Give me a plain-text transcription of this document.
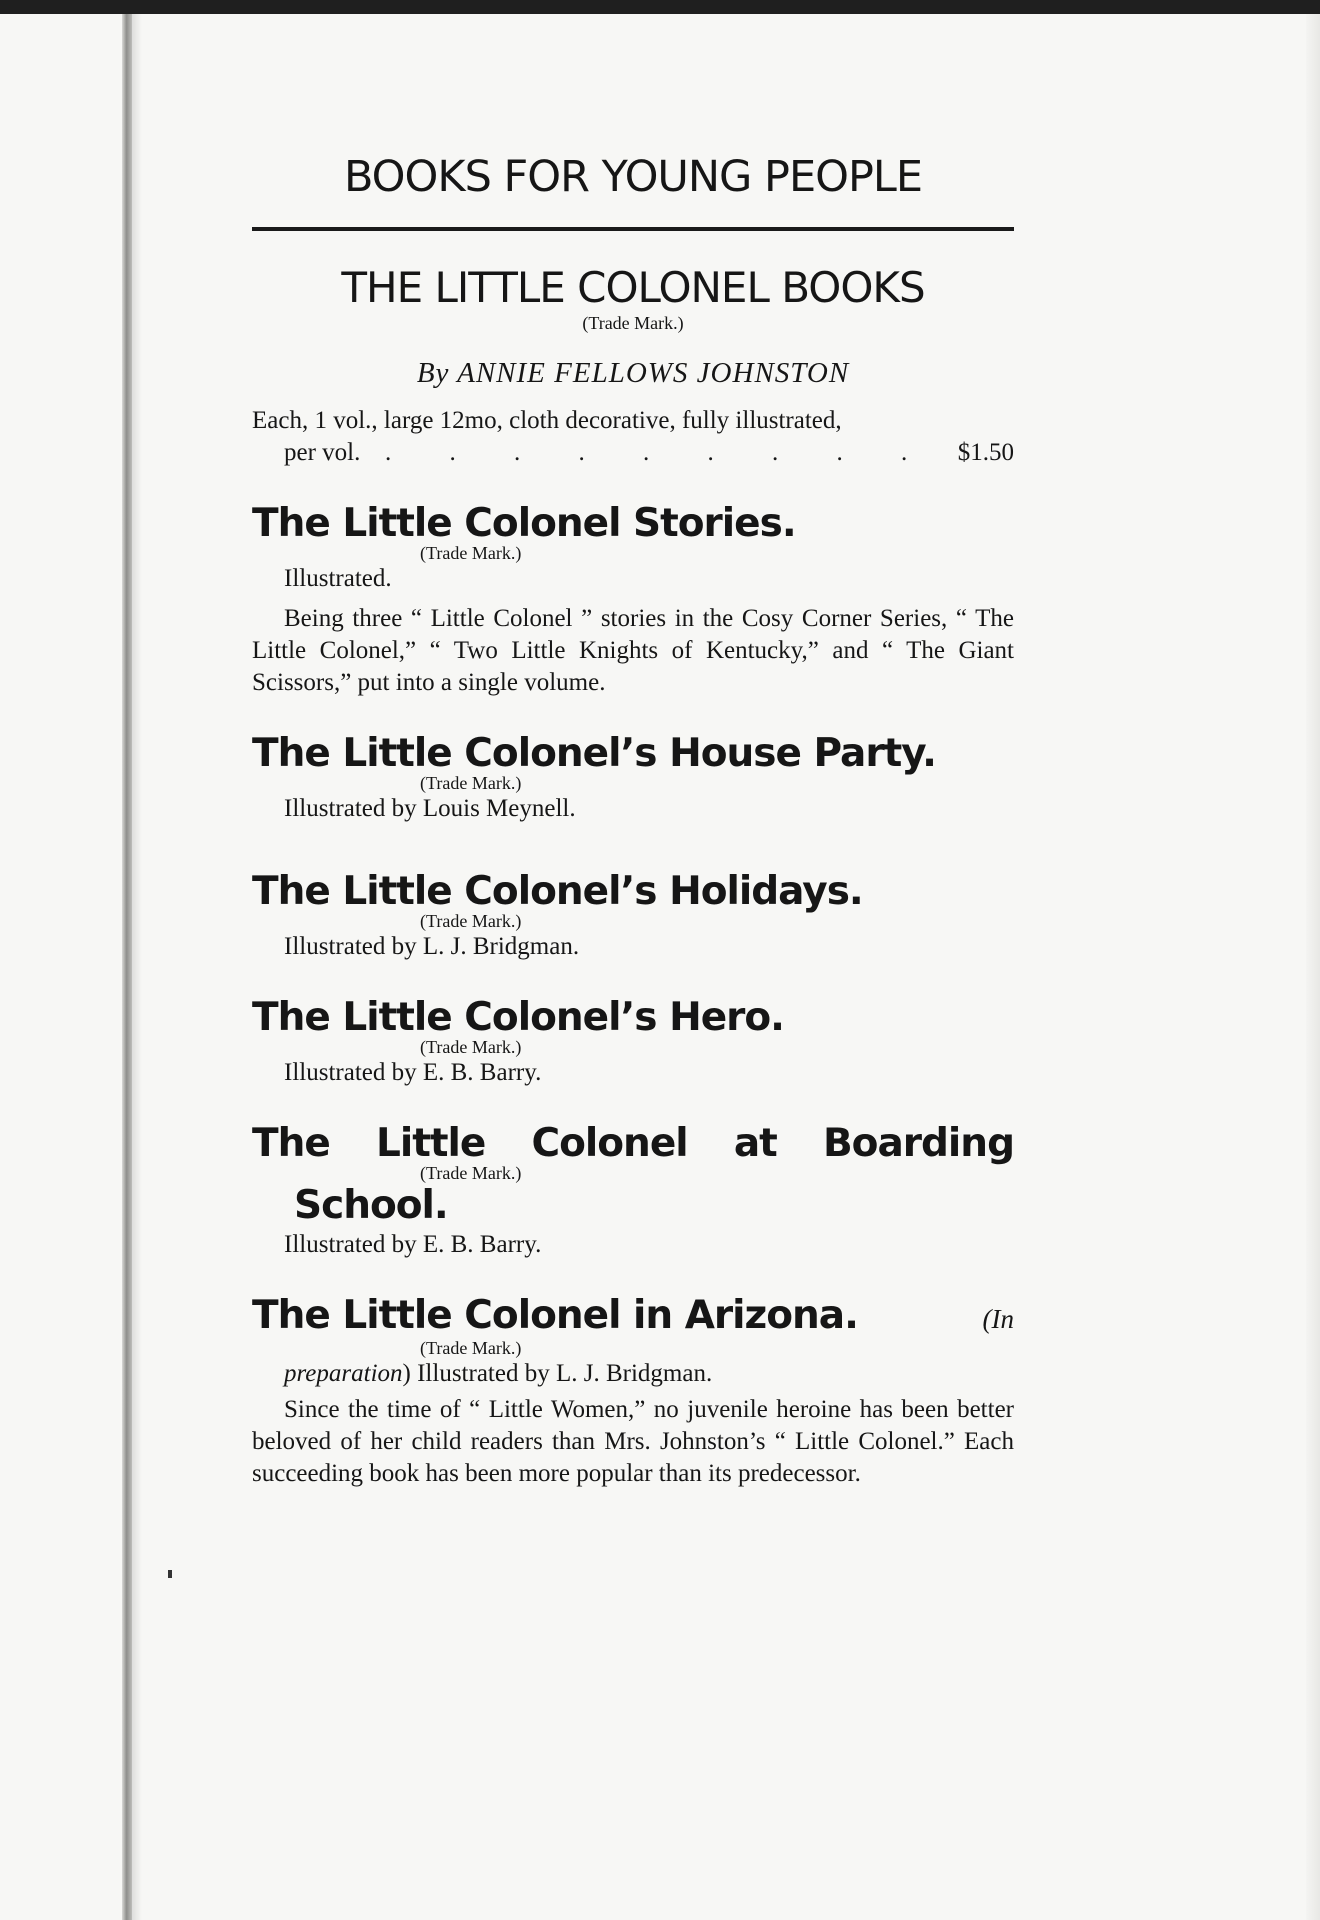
BOOKS FOR YOUNG PEOPLE
THE LITTLE COLONEL BOOKS
(Trade Mark.)
By ANNIE FELLOWS JOHNSTON
Each, 1 vol., large 12mo, cloth decorative, fully illustrated,
per vol. . . . . . . . . . $1.50
The Little Colonel Stories.
(Trade Mark.)
Illustrated.
Being three “ Little Colonel ” stories in the Cosy Corner Series, “ The Little Colonel,” “ Two Little Knights of Kentucky,” and “ The Giant Scissors,” put into a single volume.
The Little Colonel’s House Party.
(Trade Mark.)
Illustrated by Louis Meynell.
The Little Colonel’s Holidays.
(Trade Mark.)
Illustrated by L. J. Bridgman.
The Little Colonel’s Hero.
(Trade Mark.)
Illustrated by E. B. Barry.
The Little Colonel at Boarding
(Trade Mark.)
School.
Illustrated by E. B. Barry.
The Little Colonel in Arizona.	(In
(Trade Mark.)
preparation) Illustrated by L. J. Bridgman.
Since the time of “ Little Women,” no juvenile heroine has been better beloved of her child readers than Mrs. Johnston’s “ Little Colonel.” Each succeeding book has been more popular than its predecessor.
